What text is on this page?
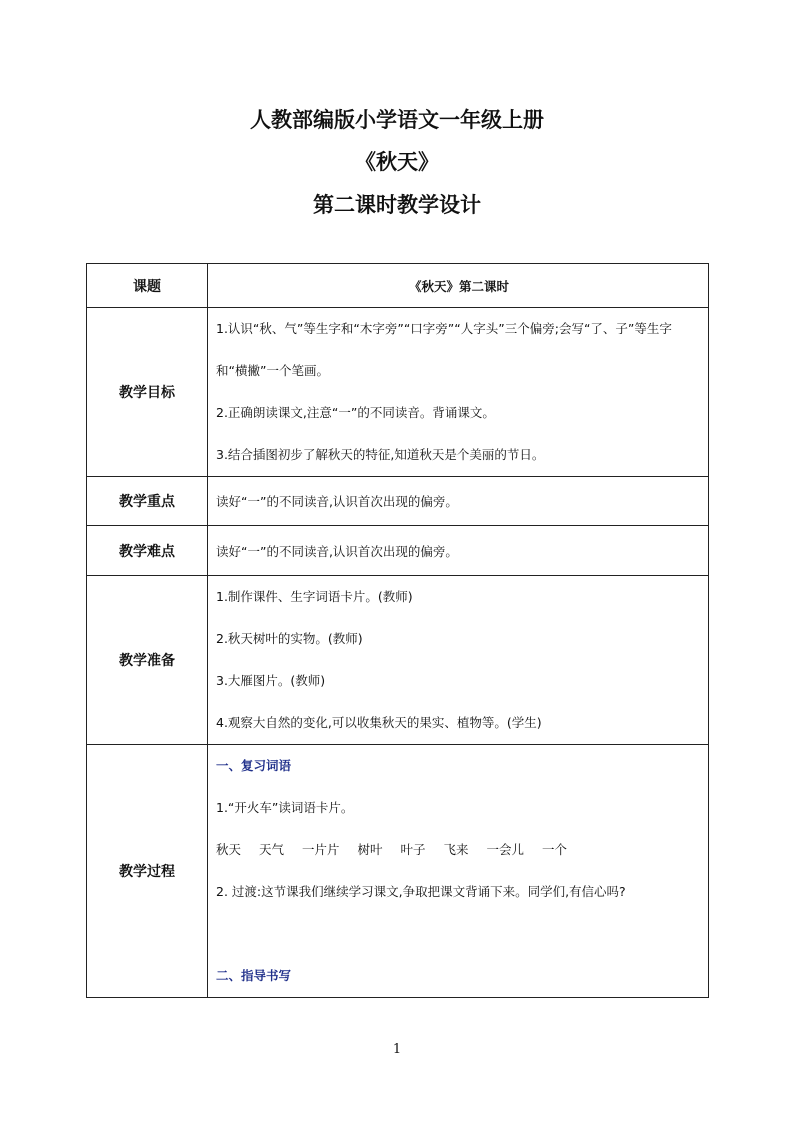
人教部编版小学语文一年级上册
《秋天》
第二课时教学设计
课题	《秋天》第二课时
教学目标	1.认识“秋、气”等生字和“木字旁”“口字旁”“人字头”三个偏旁;会写“了、子”等生字和“横撇”一个笔画。
2.正确朗读课文,注意“一”的不同读音。背诵课文。
3.结合插图初步了解秋天的特征,知道秋天是个美丽的节日。

教学重点	读好“一”的不同读音,认识首次出现的偏旁。
教学难点	读好“一”的不同读音,认识首次出现的偏旁。
教学准备	1.制作课件、生字词语卡片。(教师)
2.秋天树叶的实物。(教师)
3.大雁图片。(教师)
4.观察大自然的变化,可以收集秋天的果实、植物等。(学生)

教学过程	一、复习词语
1.“开火车”读词语卡片。
秋天 天气 一片片 树叶 叶子 飞来 一会儿 一个
2. 过渡:这节课我们继续学习课文,争取把课文背诵下来。同学们,有信心吗?
二、指导书写
1
